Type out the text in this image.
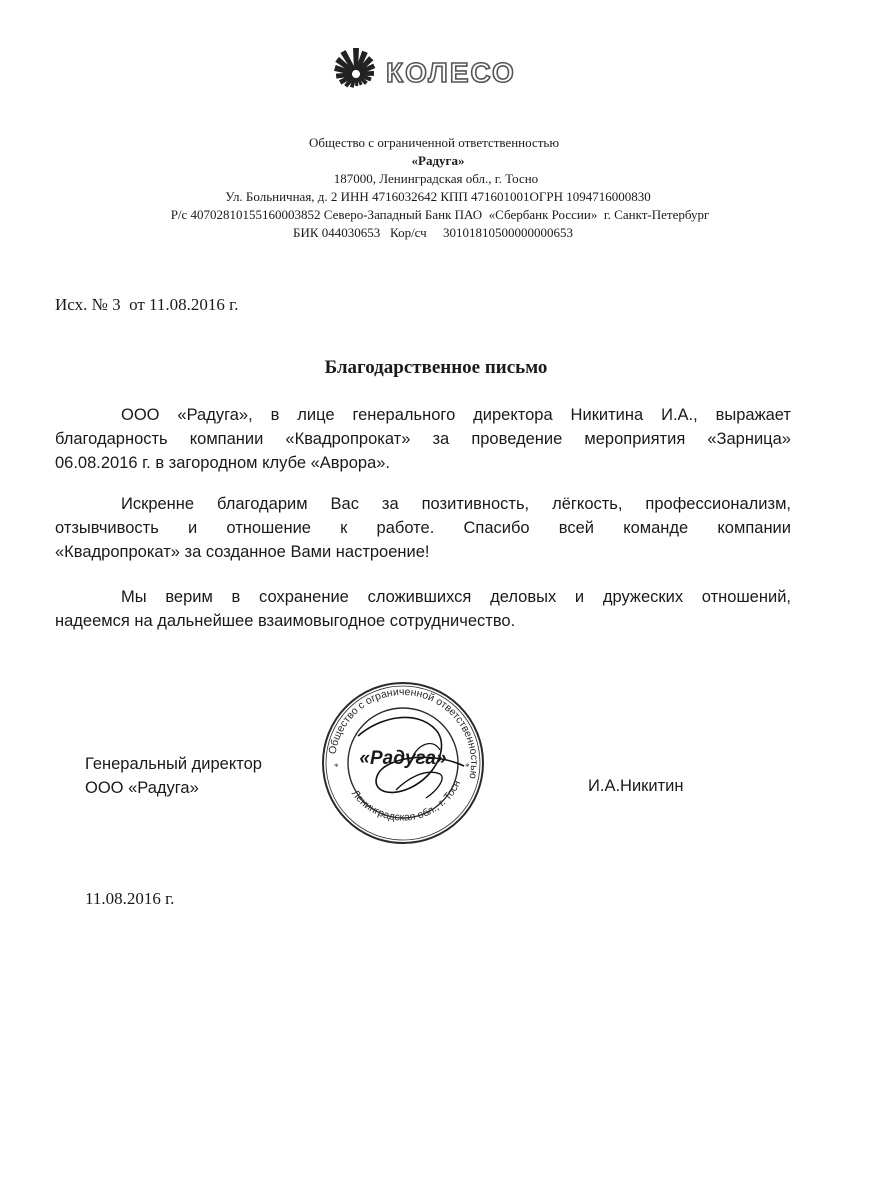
КОЛЕСО
Общество с ограниченной ответственностью
«Радуга»
187000, Ленинградская обл., г. Тосно
Ул. Больничная, д. 2 ИНН 4716032642 КПП 471601001ОГРН 1094716000830
Р/с 40702810155160003852 Северо-Западный Банк ПАО  «Сбербанк России»  г. Санкт-Петербург
БИК 044030653   Кор/сч     30101810500000000653
Исх. № 3  от 11.08.2016 г.
Благодарственное письмо
ООО «Радуга», в лице генерального директора Никитина И.А., выражает
благодарность компании «Квадропрокат» за проведение мероприятия «Зарница»
06.08.2016 г. в загородном клубе «Аврора».
Искренне благодарим Вас за позитивность, лёгкость, профессионализм,
отзывчивость и отношение к работе. Спасибо всей команде компании
«Квадропрокат» за созданное Вами настроение!
Мы верим в сохранение сложившихся деловых и дружеских отношений,
надеемся на дальнейшее взаимовыгодное сотрудничество.
Генеральный директор
ООО «Радуга»
Общество с ограниченной ответственностью
Ленинградская обл., г. Тосн
*	*
«Радуга»
И.А.Никитин
11.08.2016 г.
